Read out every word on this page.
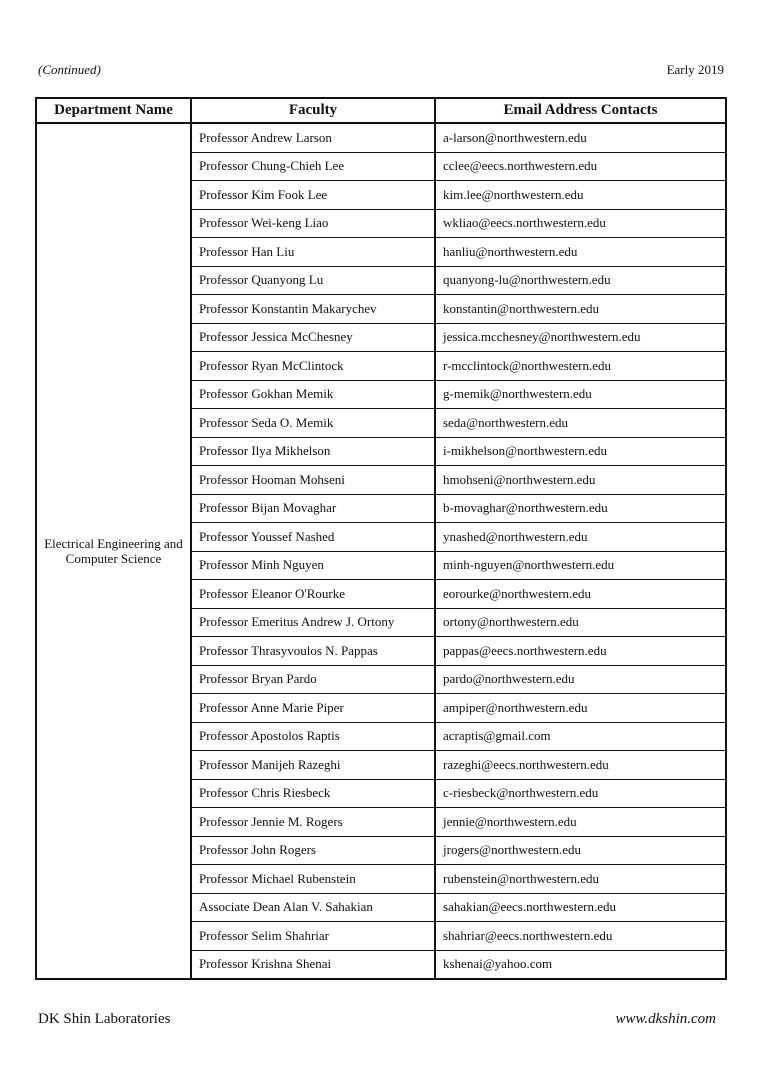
(Continued)	Early 2019
Department Name	Faculty	Email Address Contacts
Electrical Engineering and Computer Science	Professor Andrew Larson	a-larson@northwestern.edu
	Professor Chung-Chieh Lee	cclee@eecs.northwestern.edu
	Professor Kim Fook Lee	kim.lee@northwestern.edu
	Professor Wei-keng Liao	wkliao@eecs.northwestern.edu
	Professor Han Liu	hanliu@northwestern.edu
	Professor Quanyong Lu	quanyong-lu@northwestern.edu
	Professor Konstantin Makarychev	konstantin@northwestern.edu
	Professor Jessica McChesney	jessica.mcchesney@northwestern.edu
	Professor Ryan McClintock	r-mcclintock@northwestern.edu
	Professor Gokhan Memik	g-memik@northwestern.edu
	Professor Seda O. Memik	seda@northwestern.edu
	Professor Ilya Mikhelson	i-mikhelson@northwestern.edu
	Professor Hooman Mohseni	hmohseni@northwestern.edu
	Professor Bijan Movaghar	b-movaghar@northwestern.edu
	Professor Youssef Nashed	ynashed@northwestern.edu
	Professor Minh Nguyen	minh-nguyen@northwestern.edu
	Professor Eleanor O'Rourke	eorourke@northwestern.edu
	Professor Emeritus Andrew J. Ortony	ortony@northwestern.edu
	Professor Thrasyvoulos N. Pappas	pappas@eecs.northwestern.edu
	Professor Bryan Pardo	pardo@northwestern.edu
	Professor Anne Marie Piper	ampiper@northwestern.edu
	Professor Apostolos Raptis	acraptis@gmail.com
	Professor Manijeh Razeghi	razeghi@eecs.northwestern.edu
	Professor Chris Riesbeck	c-riesbeck@northwestern.edu
	Professor Jennie M. Rogers	jennie@northwestern.edu
	Professor John Rogers	jrogers@northwestern.edu
	Professor Michael Rubenstein	rubenstein@northwestern.edu
	Associate Dean Alan V. Sahakian	sahakian@eecs.northwestern.edu
	Professor Selim Shahriar	shahriar@eecs.northwestern.edu
	Professor Krishna Shenai	kshenai@yahoo.com
DK Shin Laboratories	www.dkshin.com
